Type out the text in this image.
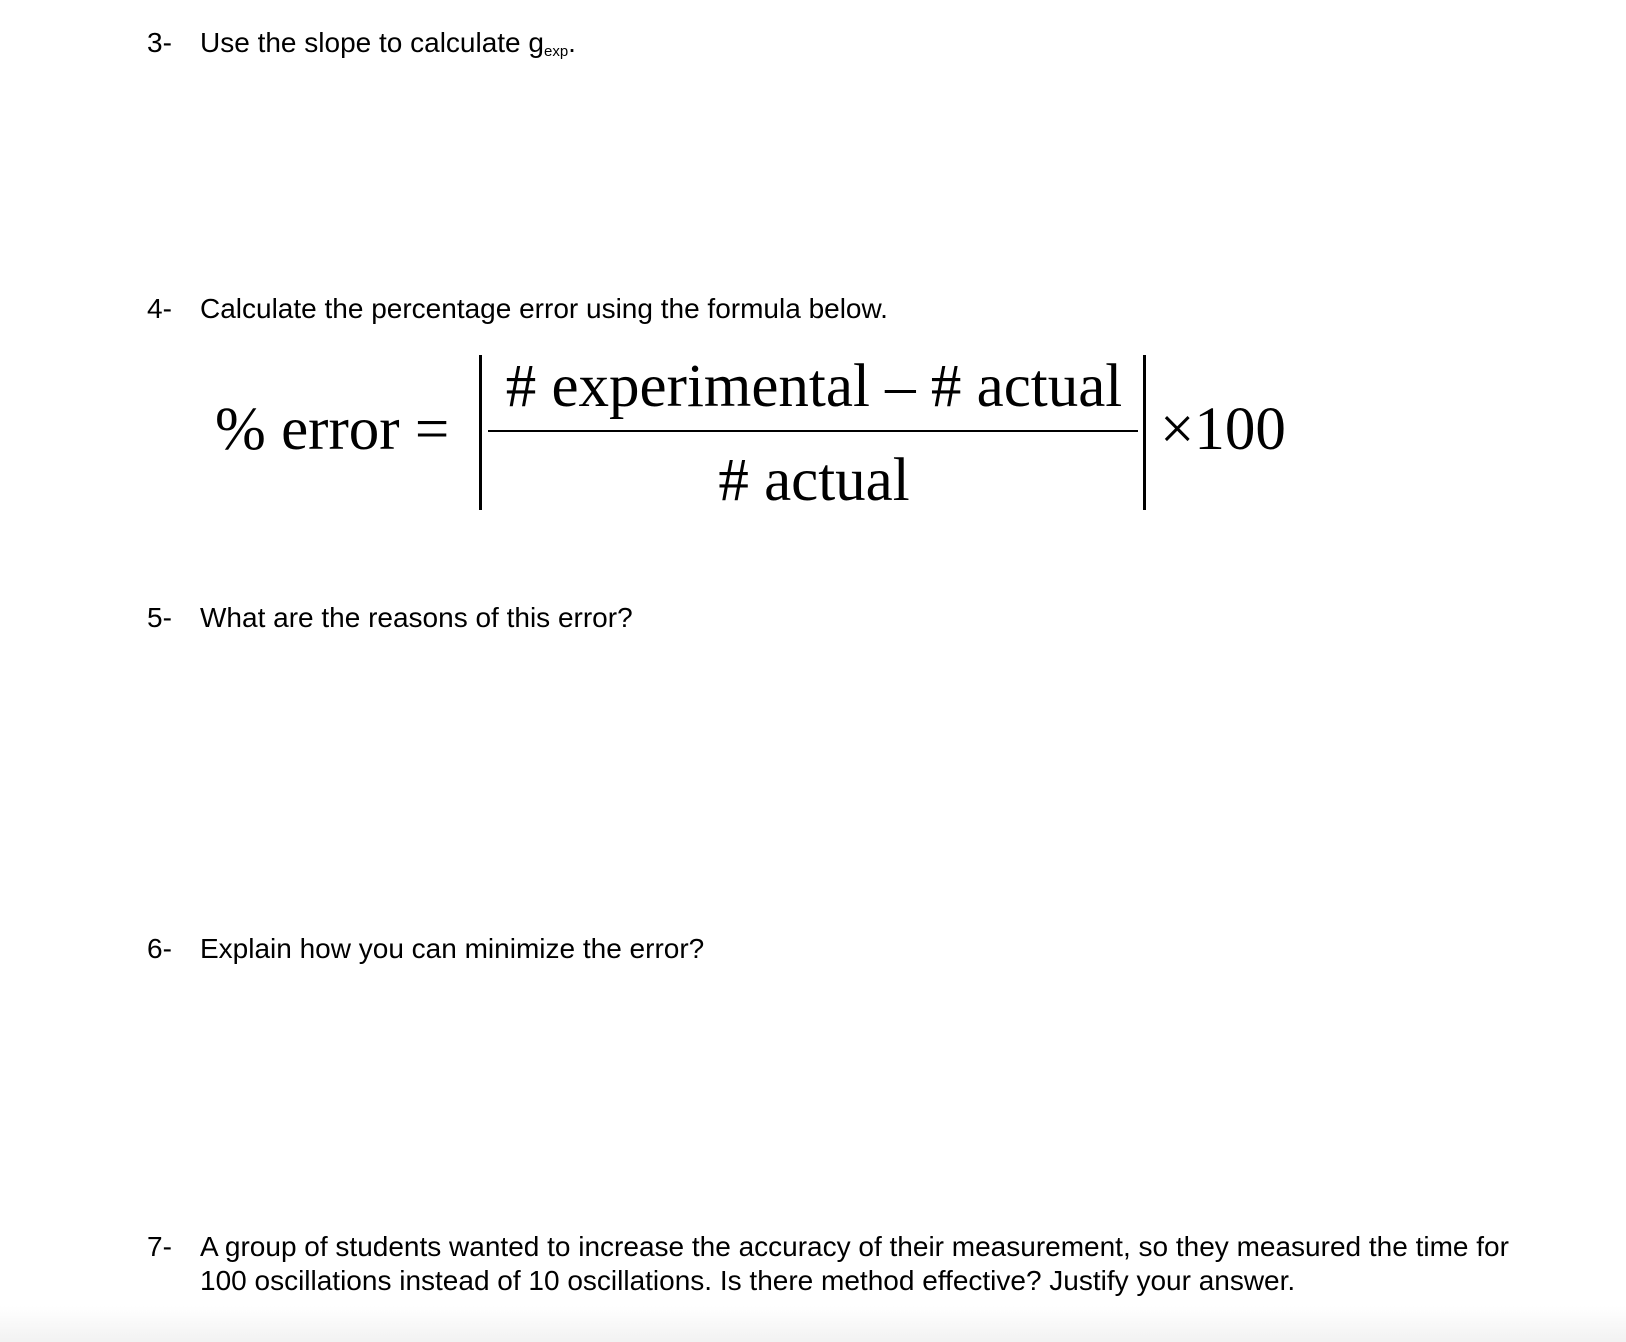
3-	Use the slope to calculate $g_{exp}$.
4-	Calculate the percentage error using the formula below.
% error =
# experimental – # actual
# actual
×100
5-	What are the reasons of this error?
6-	Explain how you can minimize the error?
7-	A group of students wanted to increase the accuracy of their measurement, so they measured the time for 100 oscillations instead of 10 oscillations. Is there method effective? Justify your answer.
